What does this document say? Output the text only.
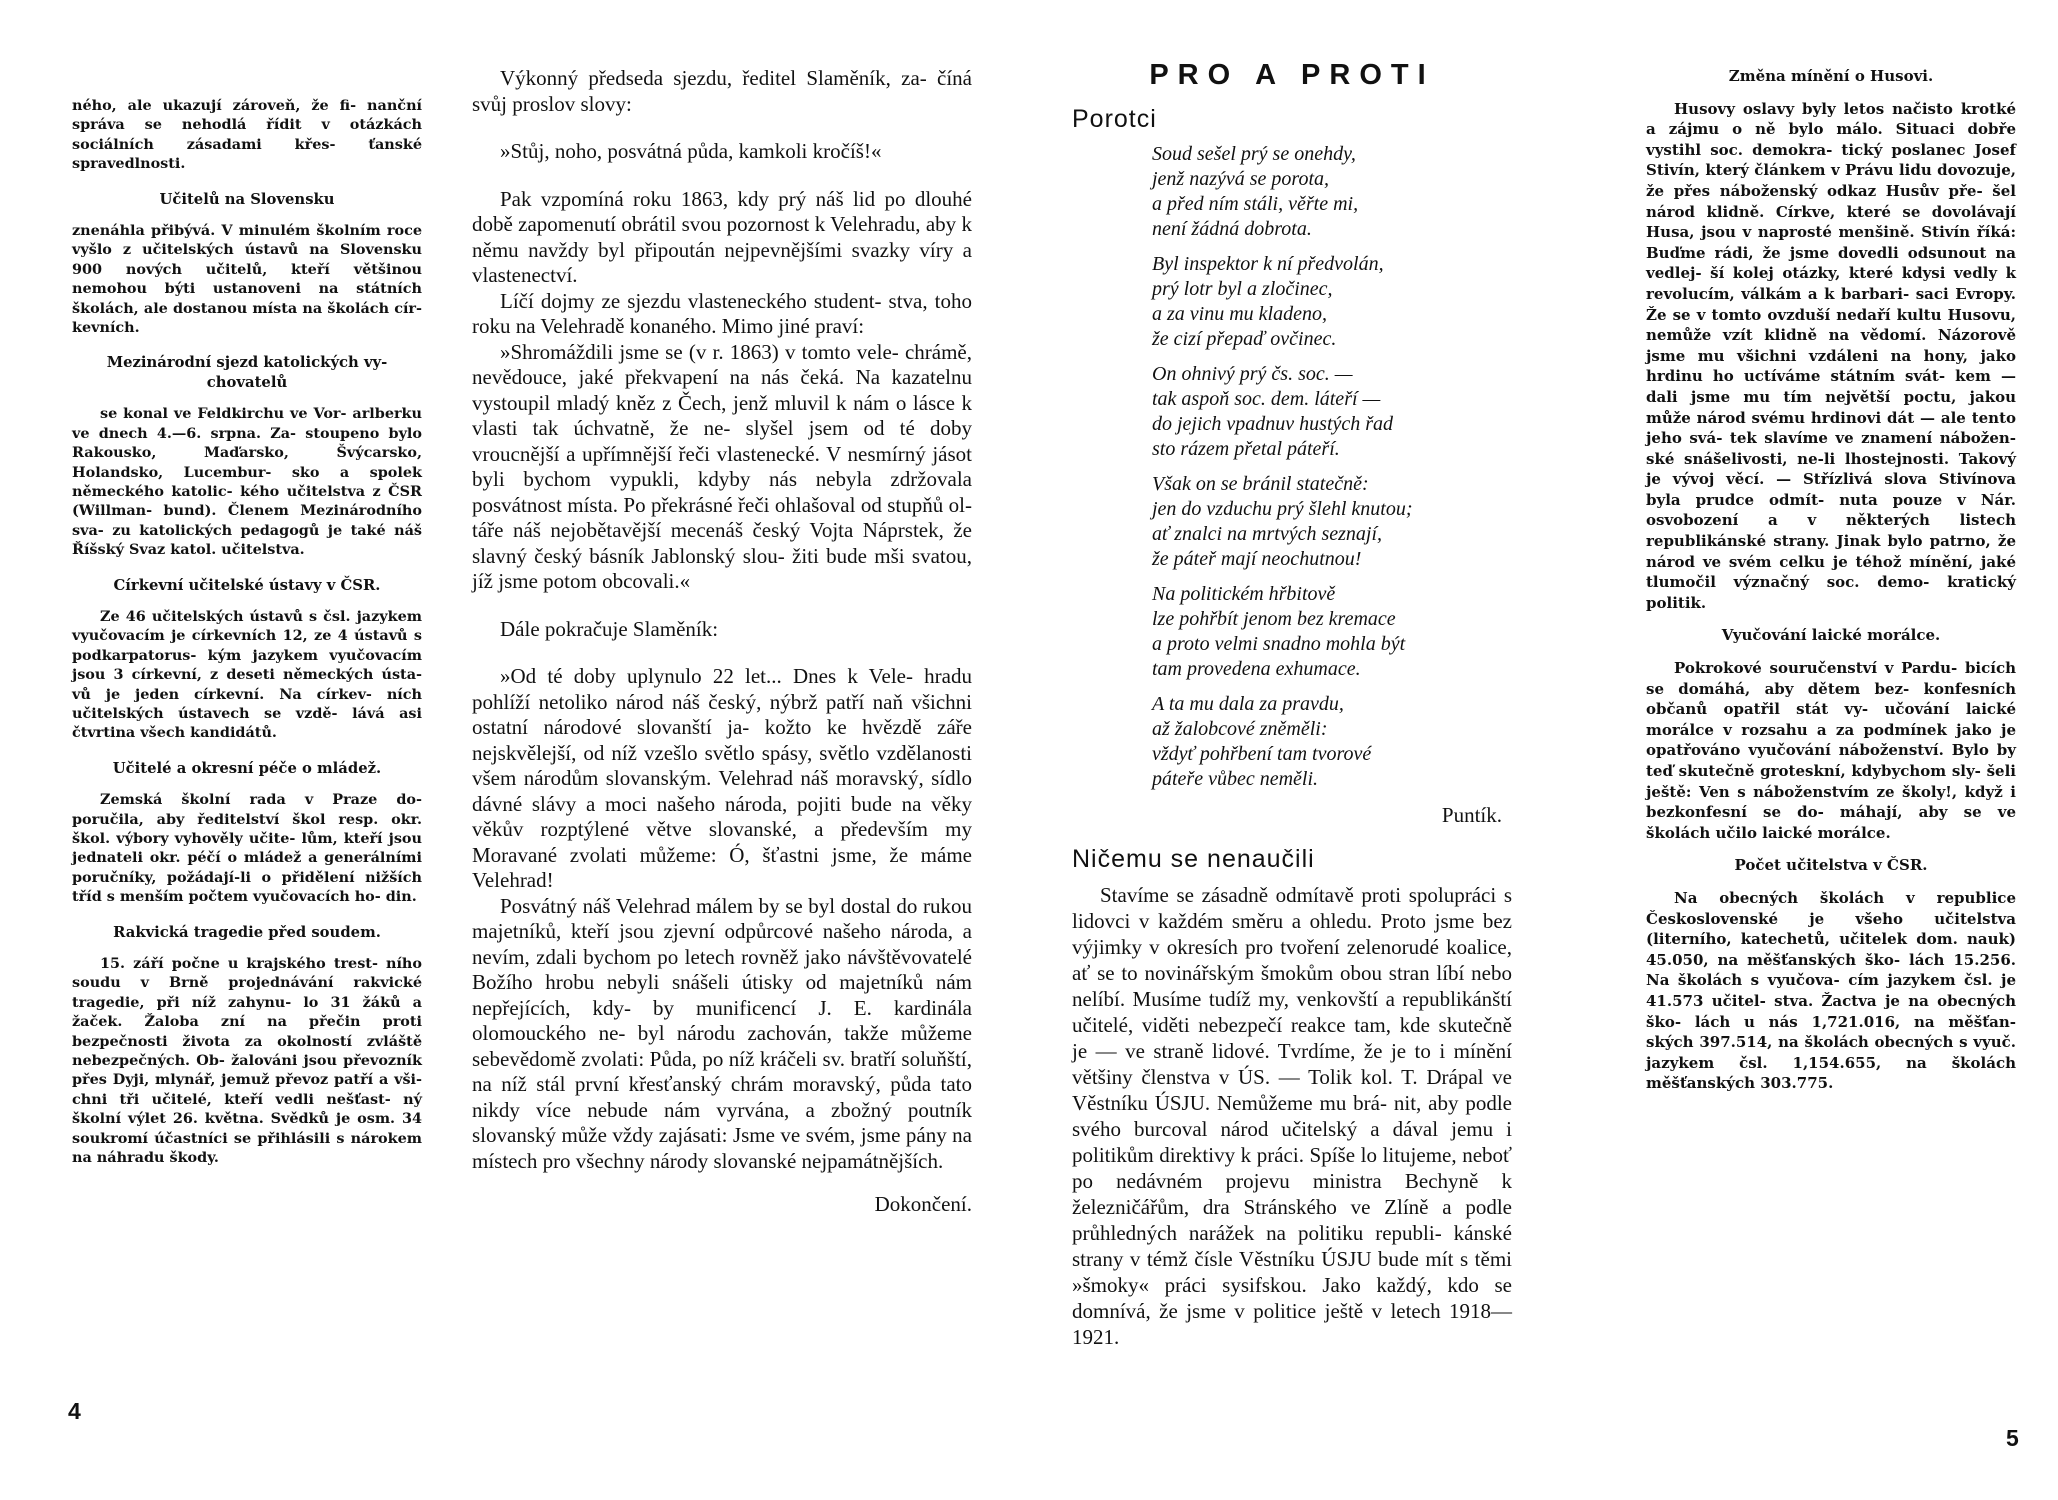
ného, ale ukazují zároveň, že fi- nanční správa se nehodlá řídit v otázkách sociálních zásadami křes- ťanské spravedlnosti.

Učitelů na Slovensku

znenáhla přibývá. V minulém školním roce vyšlo z učitelských ústavů na Slovensku 900 nových učitelů, kteří většinou nemohou býti ustanoveni na státních školách, ale dostanou místa na školách cír- kevních.

Mezinárodní sjezd katolických vy- chovatelů

se konal ve Feldkirchu ve Vor- arlberku ve dnech 4.—6. srpna. Za- stoupeno bylo Rakousko, Maďarsko, Švýcarsko, Holandsko, Lucembur- sko a spolek německého katolic- kého učitelstva z ČSR (Willman- bund). Členem Mezinárodního sva- zu katolických pedagogů je také náš Říšský Svaz katol. učitelstva.

Církevní učitelské ústavy v ČSR.

Ze 46 učitelských ústavů s čsl. jazykem vyučovacím je církevních 12, ze 4 ústavů s podkarpatorus- kým jazykem vyučovacím jsou 3 církevní, z deseti německých ústa- vů je jeden církevní. Na církev- ních učitelských ústavech se vzdě- lává asi čtvrtina všech kandidátů.

Učitelé a okresní péče o mládež.

Zemská školní rada v Praze do- poručila, aby ředitelství škol resp. okr. škol. výbory vyhověly učite- lům, kteří jsou jednateli okr. péčí o mládež a generálními poručníky, požádají-li o přidělení nižších tříd s menším počtem vyučovacích ho- din.

Rakvická tragedie před soudem.

15. září počne u krajského trest- ního soudu v Brně projednávání rakvické tragedie, při níž zahynu- lo 31 žáků a žaček. Žaloba zní na přečin proti bezpečnosti života za okolností zvláště nebezpečných. Ob- žalováni jsou převozník přes Dyji, mlynář, jemuž převoz patří a vši- chni tři učitelé, kteří vedli nešťast- ný školní výlet 26. května. Svědků je osm. 34 soukromí účastníci se přihlásili s nárokem na náhradu škody.

Výkonný předseda sjezdu, ředitel Slaměník, za- číná svůj proslov slovy:

»Stůj, noho, posvátná půda, kamkoli kročíš!«

Pak vzpomíná roku 1863, kdy prý náš lid po dlouhé době zapomenutí obrátil svou pozornost k Velehradu, aby k němu navždy byl připoután nejpevnějšími svazky víry a vlastenectví.

Líčí dojmy ze sjezdu vlasteneckého student- stva, toho roku na Velehradě konaného. Mimo jiné praví:

»Shromáždili jsme se (v r. 1863) v tomto vele- chrámě, nevědouce, jaké překvapení na nás čeká. Na kazatelnu vystoupil mladý kněz z Čech, jenž mluvil k nám o lásce k vlasti tak úchvatně, že ne- slyšel jsem od té doby vroucnější a upřímnější řeči vlastenecké. V nesmírný jásot byli bychom vypukli, kdyby nás nebyla zdržovala posvátnost místa. Po překrásné řeči ohlašoval od stupňů ol- táře náš nejobětavější mecenáš český Vojta Náprstek, že slavný český básník Jablonský slou- žiti bude mši svatou, jíž jsme potom obcovali.«

Dále pokračuje Slaměník:

»Od té doby uplynulo 22 let... Dnes k Vele- hradu pohlíží netoliko národ náš český, nýbrž patří naň všichni ostatní národové slovanští ja- kožto ke hvězdě záře nejskvělejší, od níž vzešlo světlo spásy, světlo vzdělanosti všem národům slovanským. Velehrad náš moravský, sídlo dávné slávy a moci našeho národa, pojiti bude na věky věkův rozptýlené větve slovanské, a především my Moravané zvolati můžeme: Ó, šťastni jsme, že máme Velehrad!

Posvátný náš Velehrad málem by se byl dostal do rukou majetníků, kteří jsou zjevní odpůrcové našeho národa, a nevím, zdali bychom po letech rovněž jako návštěvovatelé Božího hrobu nebyli snášeli útisky od majetníků nám nepřejících, kdy- by munificencí J. E. kardinála olomouckého ne- byl národu zachován, takže můžeme sebevědomě zvolati: Půda, po níž kráčeli sv. bratří soluňští, na níž stál první křesťanský chrám moravský, půda tato nikdy více nebude nám vyrvána, a zbožný poutník slovanský může vždy zajásati: Jsme ve svém, jsme pány na místech pro všechny národy slovanské nejpamátnějších.

Dokončení.
4
PRO A PROTI
Porotci
Soud sešel prý se onehdy,
jenž nazývá se porota,
a před ním stáli, věřte mi,
není žádná dobrota.
Byl inspektor k ní předvolán,
prý lotr byl a zločinec,
a za vinu mu kladeno,
že cizí přepaď ovčinec.
On ohnivý prý čs. soc. —
tak aspoň soc. dem. láteří —
do jejich vpadnuv hustých řad
sto rázem přetal páteří.
Však on se bránil statečně:
jen do vzduchu prý šlehl knutou;
ať znalci na mrtvých seznají,
že páteř mají neochutnou!
Na politickém hřbitově
lze pohřbít jenom bez kremace
a proto velmi snadno mohla být
tam provedena exhumace.
A ta mu dala za pravdu,
až žalobcové zněměli:
vždyť pohřbení tam tvorové
páteře vůbec neměli.
Puntík.
Ničemu se nenaučili

Stavíme se zásadně odmítavě proti spolupráci s lidovci v každém směru a ohledu. Proto jsme bez výjimky v okresích pro tvoření zelenorudé koalice, ať se to novinářským šmokům obou stran líbí nebo nelíbí. Musíme tudíž my, venkovští a republikánští učitelé, viděti nebezpečí reakce tam, kde skutečně je — ve straně lidové. Tvrdíme, že je to i mínění většiny členstva v ÚS. — Tolik kol. T. Drápal ve Věstníku ÚSJU. Nemůžeme mu brá- nit, aby podle svého burcoval národ učitelský a dával jemu i politikům direktivy k práci. Spíše lo litujeme, neboť po nedávném projevu ministra Bechyně k železničářům, dra Stránského ve Zlíně a podle průhledných narážek na politiku republi- kánské strany v témž čísle Věstníku ÚSJU bude mít s těmi »šmoky« práci sysifskou. Jako každý, kdo se domnívá, že jsme v politice ještě v letech 1918—1921.

Změna mínění o Husovi.

Husovy oslavy byly letos načisto krotké a zájmu o ně bylo málo. Situaci dobře vystihl soc. demokra- tický poslanec Josef Stivín, který článkem v Právu lidu dovozuje, že přes náboženský odkaz Husův pře- šel národ klidně. Církve, které se dovolávají Husa, jsou v naprosté menšině. Stivín říká: Buďme rádi, že jsme dovedli odsunout na vedlej- ší kolej otázky, které kdysi vedly k revolucím, válkám a k barbari- saci Evropy. Že se v tomto ovzduší nedaří kultu Husovu, nemůže vzít klidně na vědomí. Názorově jsme mu všichni vzdáleni na hony, jako hrdinu ho uctíváme státním svát- kem — dali jsme mu tím největší poctu, jakou může národ svému hrdinovi dát — ale tento jeho svá- tek slavíme ve znamení nábožen- ské snášelivosti, ne-li lhostejnosti. Takový je vývoj věcí. — Střízlivá slova Stivínova byla prudce odmít- nuta pouze v Nár. osvobození a v některých listech republikánské strany. Jinak bylo patrno, že národ ve svém celku je téhož mínění, jaké tlumočil význačný soc. demo- kratický politik.

Vyučování laické morálce.

Pokrokové souručenství v Pardu- bicích se domáhá, aby dětem bez- konfesních občanů opatřil stát vy- učování laické morálce v rozsahu a za podmínek jako je opatřováno vyučování náboženství. Bylo by teď skutečně groteskní, kdybychom sly- šeli ještě: Ven s náboženstvím ze školy!, když i bezkonfesní se do- máhají, aby se ve školách učilo laické morálce.

Počet učitelstva v ČSR.

Na obecných školách v republice Československé je všeho učitelstva (literního, katechetů, učitelek dom. nauk) 45.050, na měšťanských ško- lách 15.256. Na školách s vyučova- cím jazykem čsl. je 41.573 učitel- stva. Žactva je na obecných ško- lách u nás 1,721.016, na měšťan- ských 397.514, na školách obecných s vyuč. jazykem čsl. 1,154.655, na školách měšťanských 303.775.

5
